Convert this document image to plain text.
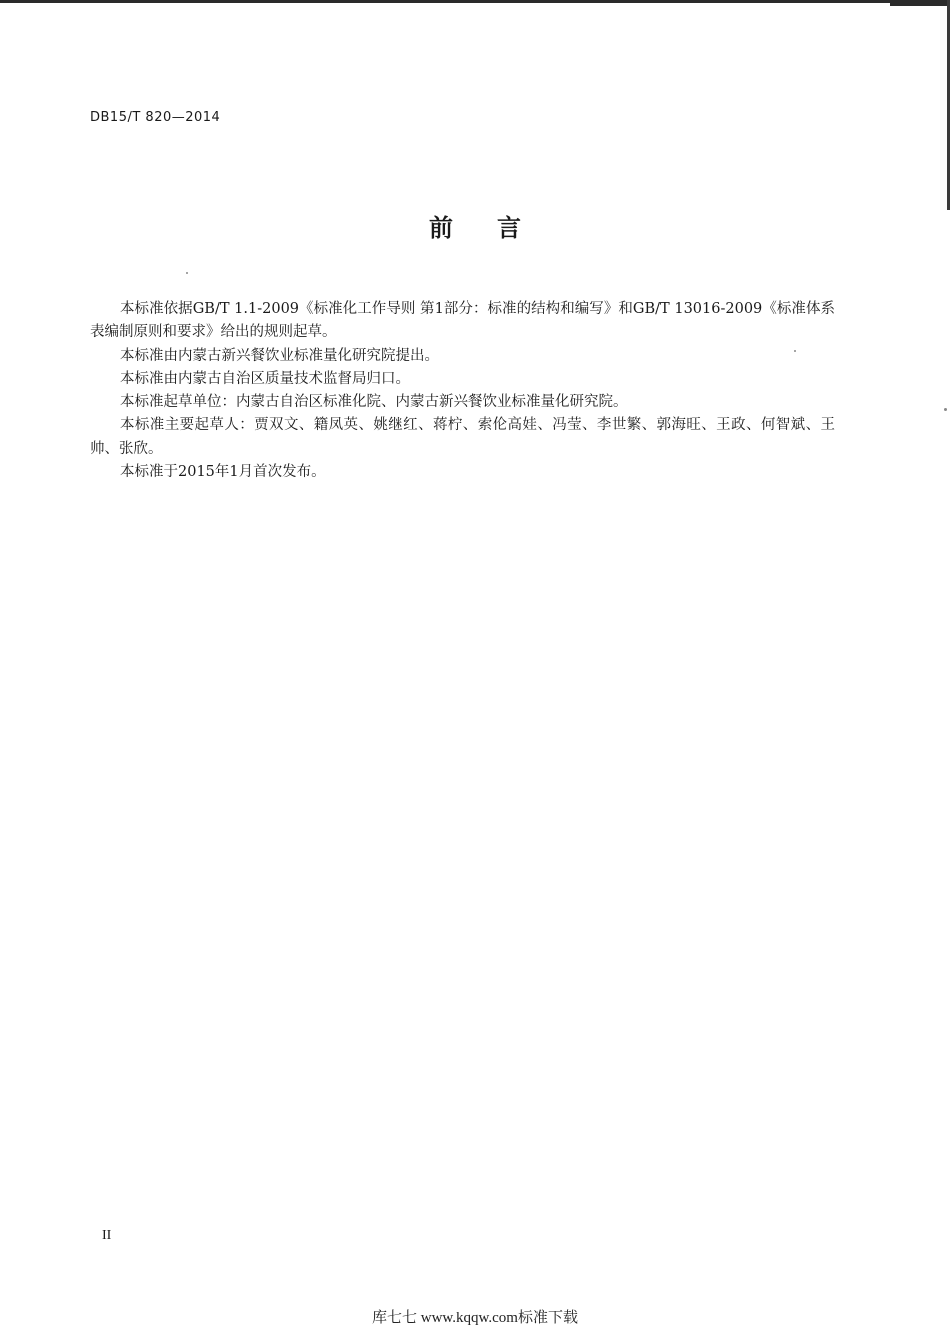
DB15/T 820—2014
前言

本标准依据GB/T 1.1-2009《标准化工作导则 第1部分：标准的结构和编写》和GB/T 13016-2009《标准体系表编制原则和要求》给出的规则起草。

本标准由内蒙古新兴餐饮业标准量化研究院提出。

本标准由内蒙古自治区质量技术监督局归口。

本标准起草单位：内蒙古自治区标准化院、内蒙古新兴餐饮业标准量化研究院。

本标准主要起草人：贾双文、籍凤英、姚继红、蒋柠、索伦高娃、冯莹、李世繁、郭海旺、王政、何智斌、王帅、张欣。

本标准于2015年1月首次发布。

II
库七七 www.kqqw.com标准下载
